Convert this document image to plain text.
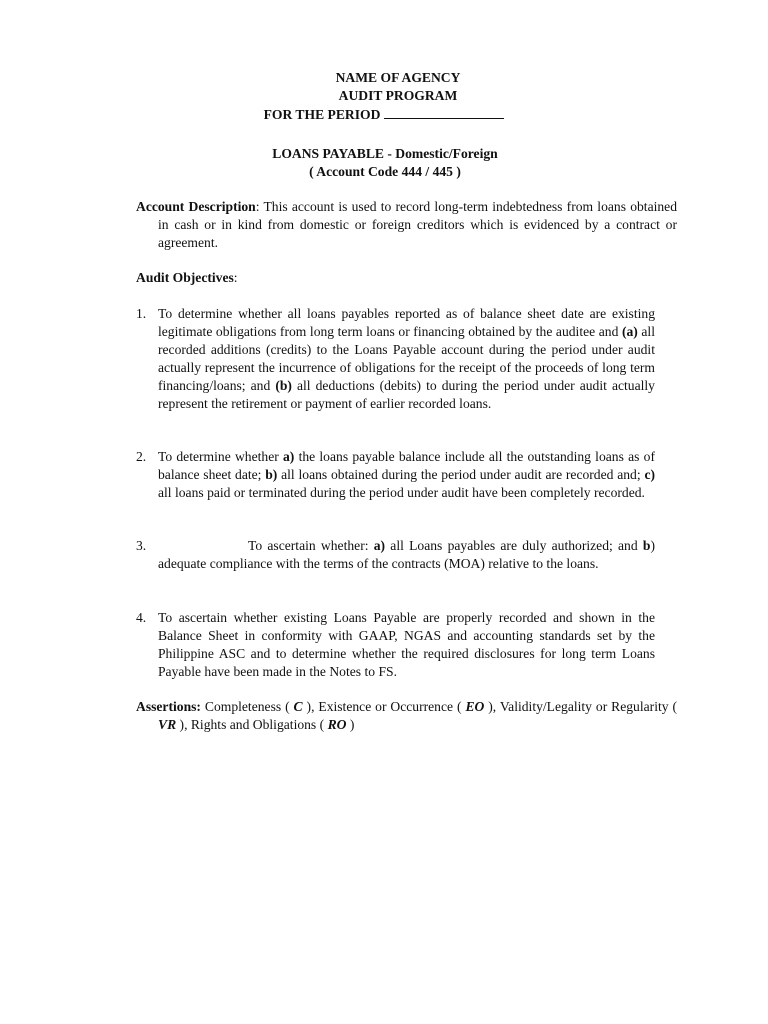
NAME OF AGENCY
AUDIT PROGRAM
FOR THE PERIOD
LOANS PAYABLE - Domestic/Foreign
( Account Code 444 / 445 )
Account Description: This account is used to record long-term indebtedness from loans obtained in cash or in kind from domestic or foreign creditors which is evidenced by a contract or agreement.
Audit Objectives:
1. To determine whether all loans payables reported as of balance sheet date are existing legitimate obligations from long term loans or financing obtained by the auditee and (a) all recorded additions (credits) to the Loans Payable account during the period under audit actually represent the incurrence of obligations for the receipt of the proceeds of long term financing/loans; and (b) all deductions (debits) to during the period under audit actually represent the retirement or payment of earlier recorded loans.
2. To determine whether a) the loans payable balance include all the outstanding loans as of balance sheet date; b) all loans obtained during the period under audit are recorded and; c) all loans paid or terminated during the period under audit have been completely recorded.
3.	To ascertain whether: a) all Loans payables are duly authorized; and b) adequate compliance with the terms of the contracts (MOA) relative to the loans.
4. To ascertain whether existing Loans Payable are properly recorded and shown in the Balance Sheet in conformity with GAAP, NGAS and accounting standards set by the Philippine ASC and to determine whether the required disclosures for long term Loans Payable have been made in the Notes to FS.
Assertions: Completeness ( C ), Existence or Occurrence ( EO ), Validity/Legality or Regularity ( VR ), Rights and Obligations ( RO )
